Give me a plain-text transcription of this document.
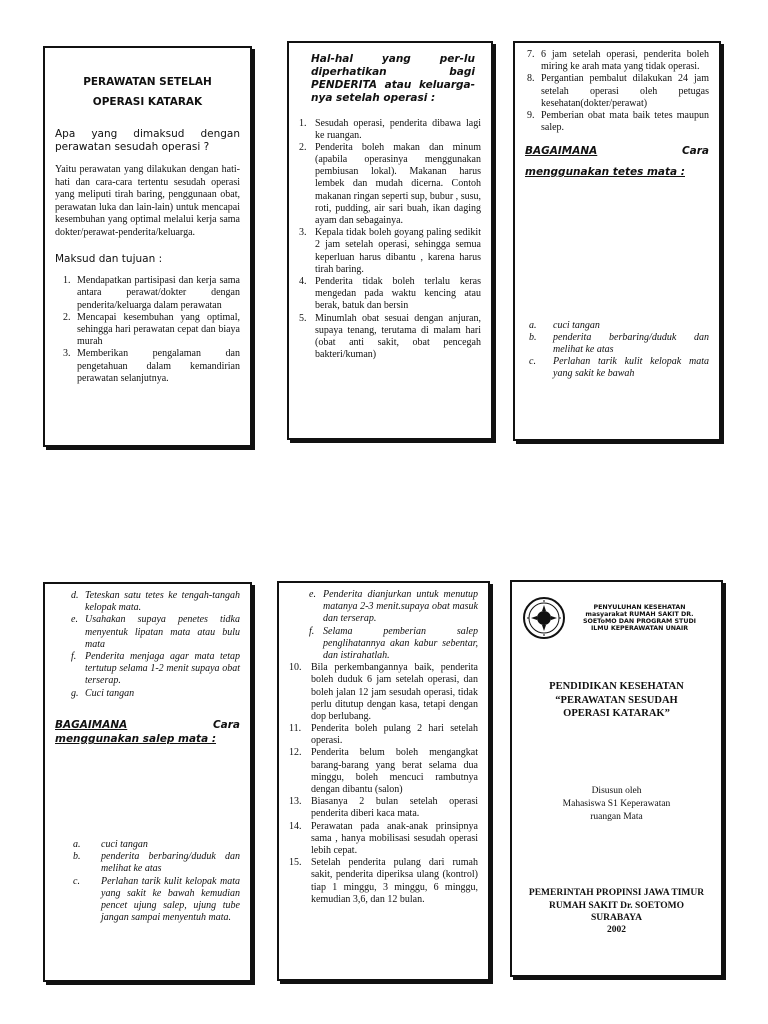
PERAWATAN SETELAH
OPERASI KATARAK
Apa yang dimaksud dengan perawatan sesudah operasi ?
Yaitu perawatan yang dilakukan dengan hati-hati dan cara-cara tertentu sesudah operasi yang meliputi tirah baring, penggunaan obat, perawatan luka dan lain-lain) untuk mencapai kesembuhan yang optimal melalui kerja sama dokter/perawat-penderita/keluarga.
Maksud dan tujuan :
1. Mendapatkan partisipasi dan kerja sama antara perawat/dokter dengan penderita/keluarga dalam perawatan
2. Mencapai kesembuhan yang optimal, sehingga hari perawatan cepat dan biaya murah
3. Memberikan pengalaman dan pengetahuan dalam kemandirian perawatan selanjutnya.
Hal-hal yang per-lu diperhatikan bagi PENDERITA atau keluarga-nya setelah operasi :
1. Sesudah operasi, penderita dibawa lagi ke ruangan.
2. Penderita boleh makan dan minum (apabila operasinya menggunakan pembiusan lokal). Makanan harus lembek dan mudah dicerna. Contoh makanan ringan seperti sup, bubur , susu, roti, pudding, air sari buah, ikan daging ayam dan sebagainya.
3. Kepala tidak boleh goyang paling sedikit 2 jam setelah operasi, sehingga semua keperluan harus dibantu , karena harus tirah baring.
4. Penderita tidak boleh terlalu keras mengedan pada waktu kencing atau berak, batuk dan bersin
5. Minumlah obat sesuai dengan anjuran, supaya tenang, terutama di malam hari (obat anti sakit, obat pencegah bakteri/kuman)
7. 6 jam setelah operasi, penderita boleh miring ke arah mata yang tidak operasi.
8. Pergantian pembalut dilakukan 24 jam setelah operasi oleh petugas kesehatan(dokter/perawat)
9. Pemberian obat mata baik tetes maupun salep.
BAGAIMANA	Cara
menggunakan tetes mata :
a.	cuci tangan
b.	penderita berbaring/duduk dan melihat ke atas
c.	Perlahan tarik kulit kelopak mata yang sakit ke bawah
d. Teteskan satu tetes ke tengah-tangah kelopak mata.
e. Usahakan supaya penetes tidka menyentuk lipatan mata atau bulu mata
f. Penderita menjaga agar mata tetap tertutup selama 1-2 menit supaya obat terserap.
g. Cuci tangan
BAGAIMANA	Cara
menggunakan salep mata :
a.	cuci tangan
b.	penderita berbaring/duduk dan melihat ke atas
c.	Perlahan tarik kulit kelopak mata yang sakit ke bawah kemudian pencet ujung salep, ujung tube jangan sampai menyentuh mata.
e. Penderita dianjurkan untuk menutup matanya 2-3 menit.supaya obat masuk dan terserap.
f. Selama pemberian salep penglihatannya akan kabur sebentar, dan istirahatlah.
10. Bila perkembangannya baik, penderita boleh duduk 6 jam setelah operasi, dan boleh jalan 12 jam sesudah operasi, tidak perlu ditutup dengan kasa, tetapi dengan dop berlubang.
11. Penderita boleh pulang 2 hari setelah operasi.
12. Penderita belum boleh mengangkat barang-barang yang berat selama dua minggu, boleh mencuci rambutnya dengan dibantu (salon)
13. Biasanya 2 bulan setelah operasi penderita diberi kaca mata.
14. Perawatan pada anak-anak prinsipnya sama , hanya mobilisasi sesudah operasi lebih cepat.
15. Setelah penderita pulang dari rumah sakit, penderita diperiksa ulang (kontrol) tiap 1 minggu, 3 minggu, 6 minggu, kemudian 3,6, dan 12 bulan.
PENYULUHAN KESEHATAN
masyarakat RUMAH SAKIT DR.
SOEToMO DAN PROGRAM STUDI
ILMU KEPERAWATAN UNAIR
PENDIDIKAN KESEHATAN
“PERAWATAN SESUDAH
OPERASI KATARAK”
Disusun oleh
Mahasiswa S1 Keperawatan
ruangan Mata
PEMERINTAH PROPINSI JAWA TIMUR
RUMAH SAKIT Dr. SOETOMO
SURABAYA
2002
